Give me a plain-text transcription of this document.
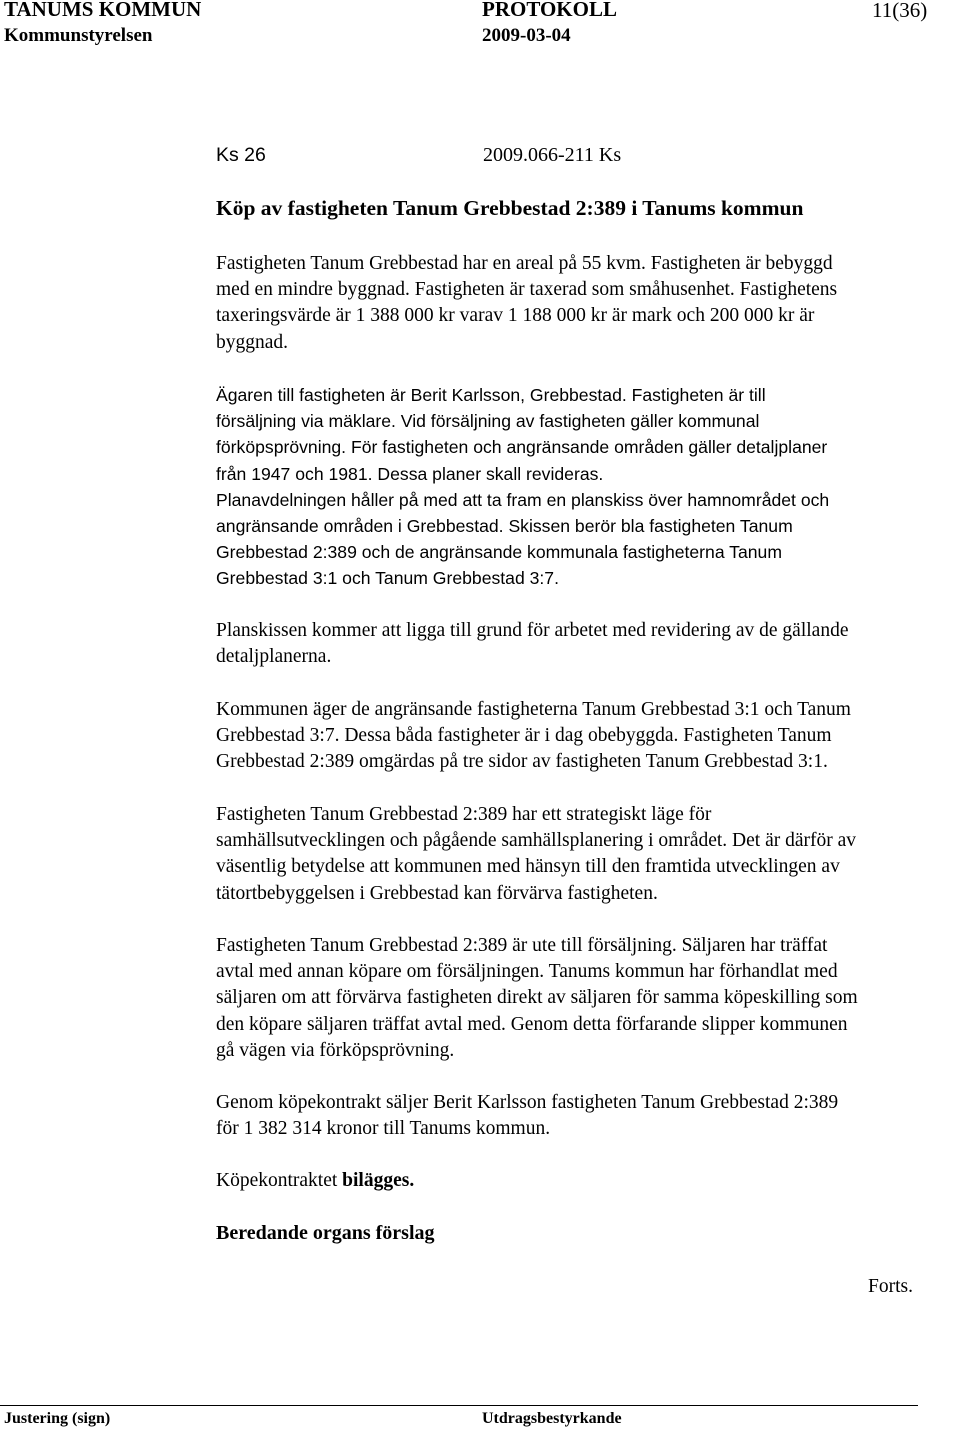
TANUMS KOMMUN	PROTOKOLL	11(36)
Kommunstyrelsen	2009-03-04
Ks 26	2009.066-211 Ks
Köp av fastigheten Tanum Grebbestad 2:389 i Tanums kommun
Fastigheten Tanum Grebbestad har en areal på 55 kvm. Fastigheten är bebyggd
med en mindre byggnad. Fastigheten är taxerad som småhusenhet. Fastighetens
taxeringsvärde är 1 388 000 kr varav 1 188 000 kr är mark och 200 000 kr är
byggnad.
Ägaren till fastigheten är Berit Karlsson, Grebbestad. Fastigheten är till
försäljning via mäklare. Vid försäljning av fastigheten gäller kommunal
förköpsprövning. För fastigheten och angränsande områden gäller detaljplaner
från 1947 och 1981. Dessa planer skall revideras.
Planavdelningen håller på med att ta fram en planskiss över hamnområdet och
angränsande områden i Grebbestad. Skissen berör bla fastigheten Tanum
Grebbestad 2:389 och de angränsande kommunala fastigheterna Tanum
Grebbestad 3:1 och Tanum Grebbestad 3:7.
Planskissen kommer att ligga till grund för arbetet med revidering av de gällande
detaljplanerna.
Kommunen äger de angränsande fastigheterna Tanum Grebbestad 3:1 och Tanum
Grebbestad 3:7. Dessa båda fastigheter är i dag obebyggda. Fastigheten Tanum
Grebbestad 2:389 omgärdas på tre sidor av fastigheten Tanum Grebbestad 3:1.
Fastigheten Tanum Grebbestad 2:389 har ett strategiskt läge för
samhällsutvecklingen och pågående samhällsplanering i området. Det är därför av
väsentlig betydelse att kommunen med hänsyn till den framtida utvecklingen av
tätortbebyggelsen i Grebbestad kan förvärva fastigheten.
Fastigheten Tanum Grebbestad 2:389 är ute till försäljning. Säljaren har träffat
avtal med annan köpare om försäljningen. Tanums kommun har förhandlat med
säljaren om att förvärva fastigheten direkt av säljaren för samma köpeskilling som
den köpare säljaren träffat avtal med. Genom detta förfarande slipper kommunen
gå vägen via förköpsprövning.
Genom köpekontrakt säljer Berit Karlsson fastigheten Tanum Grebbestad 2:389
för 1 382 314 kronor till Tanums kommun.
Köpekontraktet bilägges.
Beredande organs förslag
Forts.
Justering (sign)	Utdragsbestyrkande
